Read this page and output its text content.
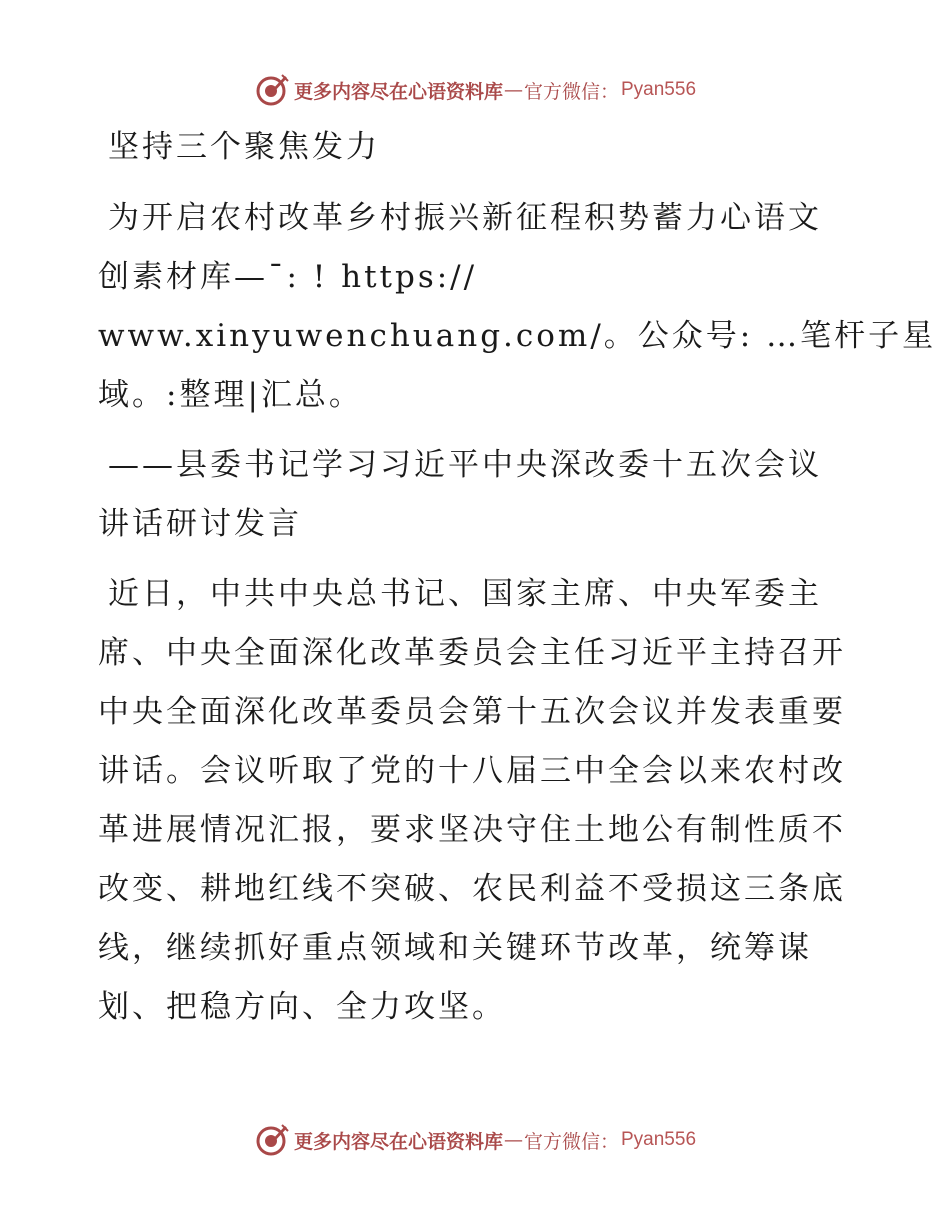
更多内容尽在心语资料库 — 官方微信： Pyan556

坚持三个聚焦发力

为开启农村改革乡村振兴新征程积势蓄力心语文
创素材库—¯: ! https://
www.xinyuwenchuang.com/。公众号: …笔杆子星
域。:整理|汇总。

——县委书记学习习近平中央深改委十五次会议
讲话研讨发言

近日，中共中央总书记、国家主席、中央军委主
席、中央全面深化改革委员会主任习近平主持召开
中央全面深化改革委员会第十五次会议并发表重要
讲话。会议听取了党的十八届三中全会以来农村改
革进展情况汇报，要求坚决守住土地公有制性质不
改变、耕地红线不突破、农民利益不受损这三条底
线，继续抓好重点领域和关键环节改革，统筹谋
划、把稳方向、全力攻坚。

更多内容尽在心语资料库 — 官方微信： Pyan556
